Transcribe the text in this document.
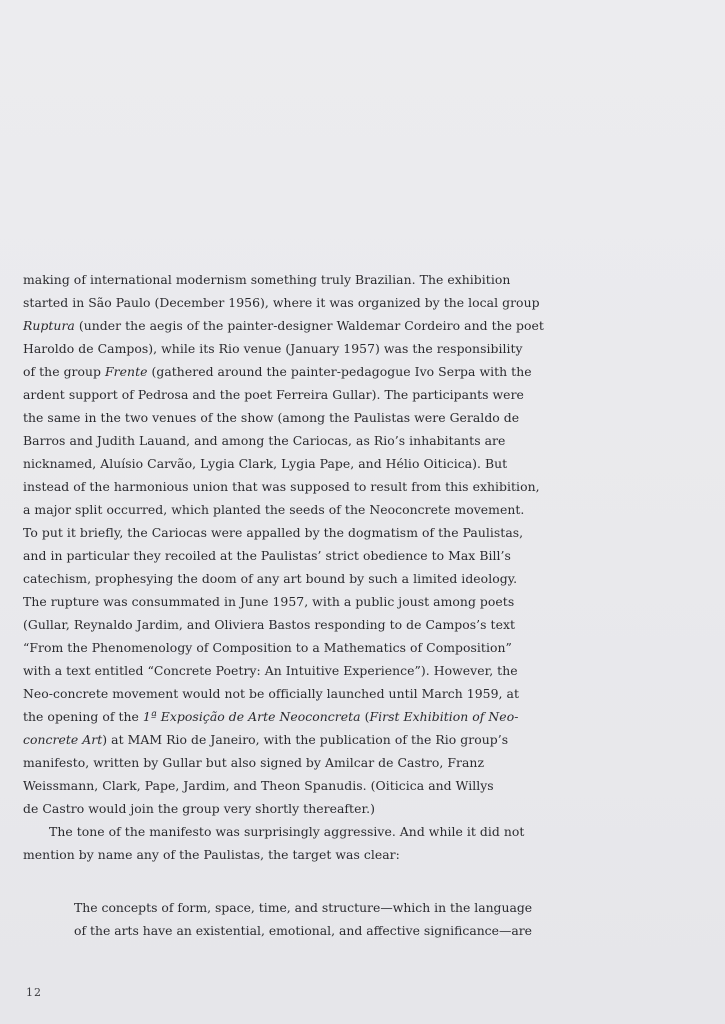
making of international modernism something truly Brazilian. The exhibition
started in São Paulo (December 1956), where it was organized by the local group
Ruptura (under the aegis of the painter-designer Waldemar Cordeiro and the poet
Haroldo de Campos), while its Rio venue (January 1957) was the responsibility
of the group Frente (gathered around the painter-pedagogue Ivo Serpa with the
ardent support of Pedrosa and the poet Ferreira Gullar). The participants were
the same in the two venues of the show (among the Paulistas were Geraldo de
Barros and Judith Lauand, and among the Cariocas, as Rio’s inhabitants are
nicknamed, Aluísio Carvão, Lygia Clark, Lygia Pape, and Hélio Oiticica). But
instead of the harmonious union that was supposed to result from this exhibition,
a major split occurred, which planted the seeds of the Neoconcrete movement.
To put it briefly, the Cariocas were appalled by the dogmatism of the Paulistas,
and in particular they recoiled at the Paulistas’ strict obedience to Max Bill’s
catechism, prophesying the doom of any art bound by such a limited ideology.
The rupture was consummated in June 1957, with a public joust among poets
(Gullar, Reynaldo Jardim, and Oliviera Bastos responding to de Campos’s text
“From the Phenomenology of Composition to a Mathematics of Composition”
with a text entitled “Concrete Poetry: An Intuitive Experience”). However, the
Neo-concrete movement would not be officially launched until March 1959, at
the opening of the 1ª Exposição de Arte Neoconcreta (First Exhibition of Neo-
concrete Art) at MAM Rio de Janeiro, with the publication of the Rio group’s
manifesto, written by Gullar but also signed by Amilcar de Castro, Franz
Weissmann, Clark, Pape, Jardim, and Theon Spanudis. (Oiticica and Willys
de Castro would join the group very shortly thereafter.)
The tone of the manifesto was surprisingly aggressive. And while it did not
mention by name any of the Paulistas, the target was clear:
The concepts of form, space, time, and structure—which in the language
of the arts have an existential, emotional, and affective significance—are
12
